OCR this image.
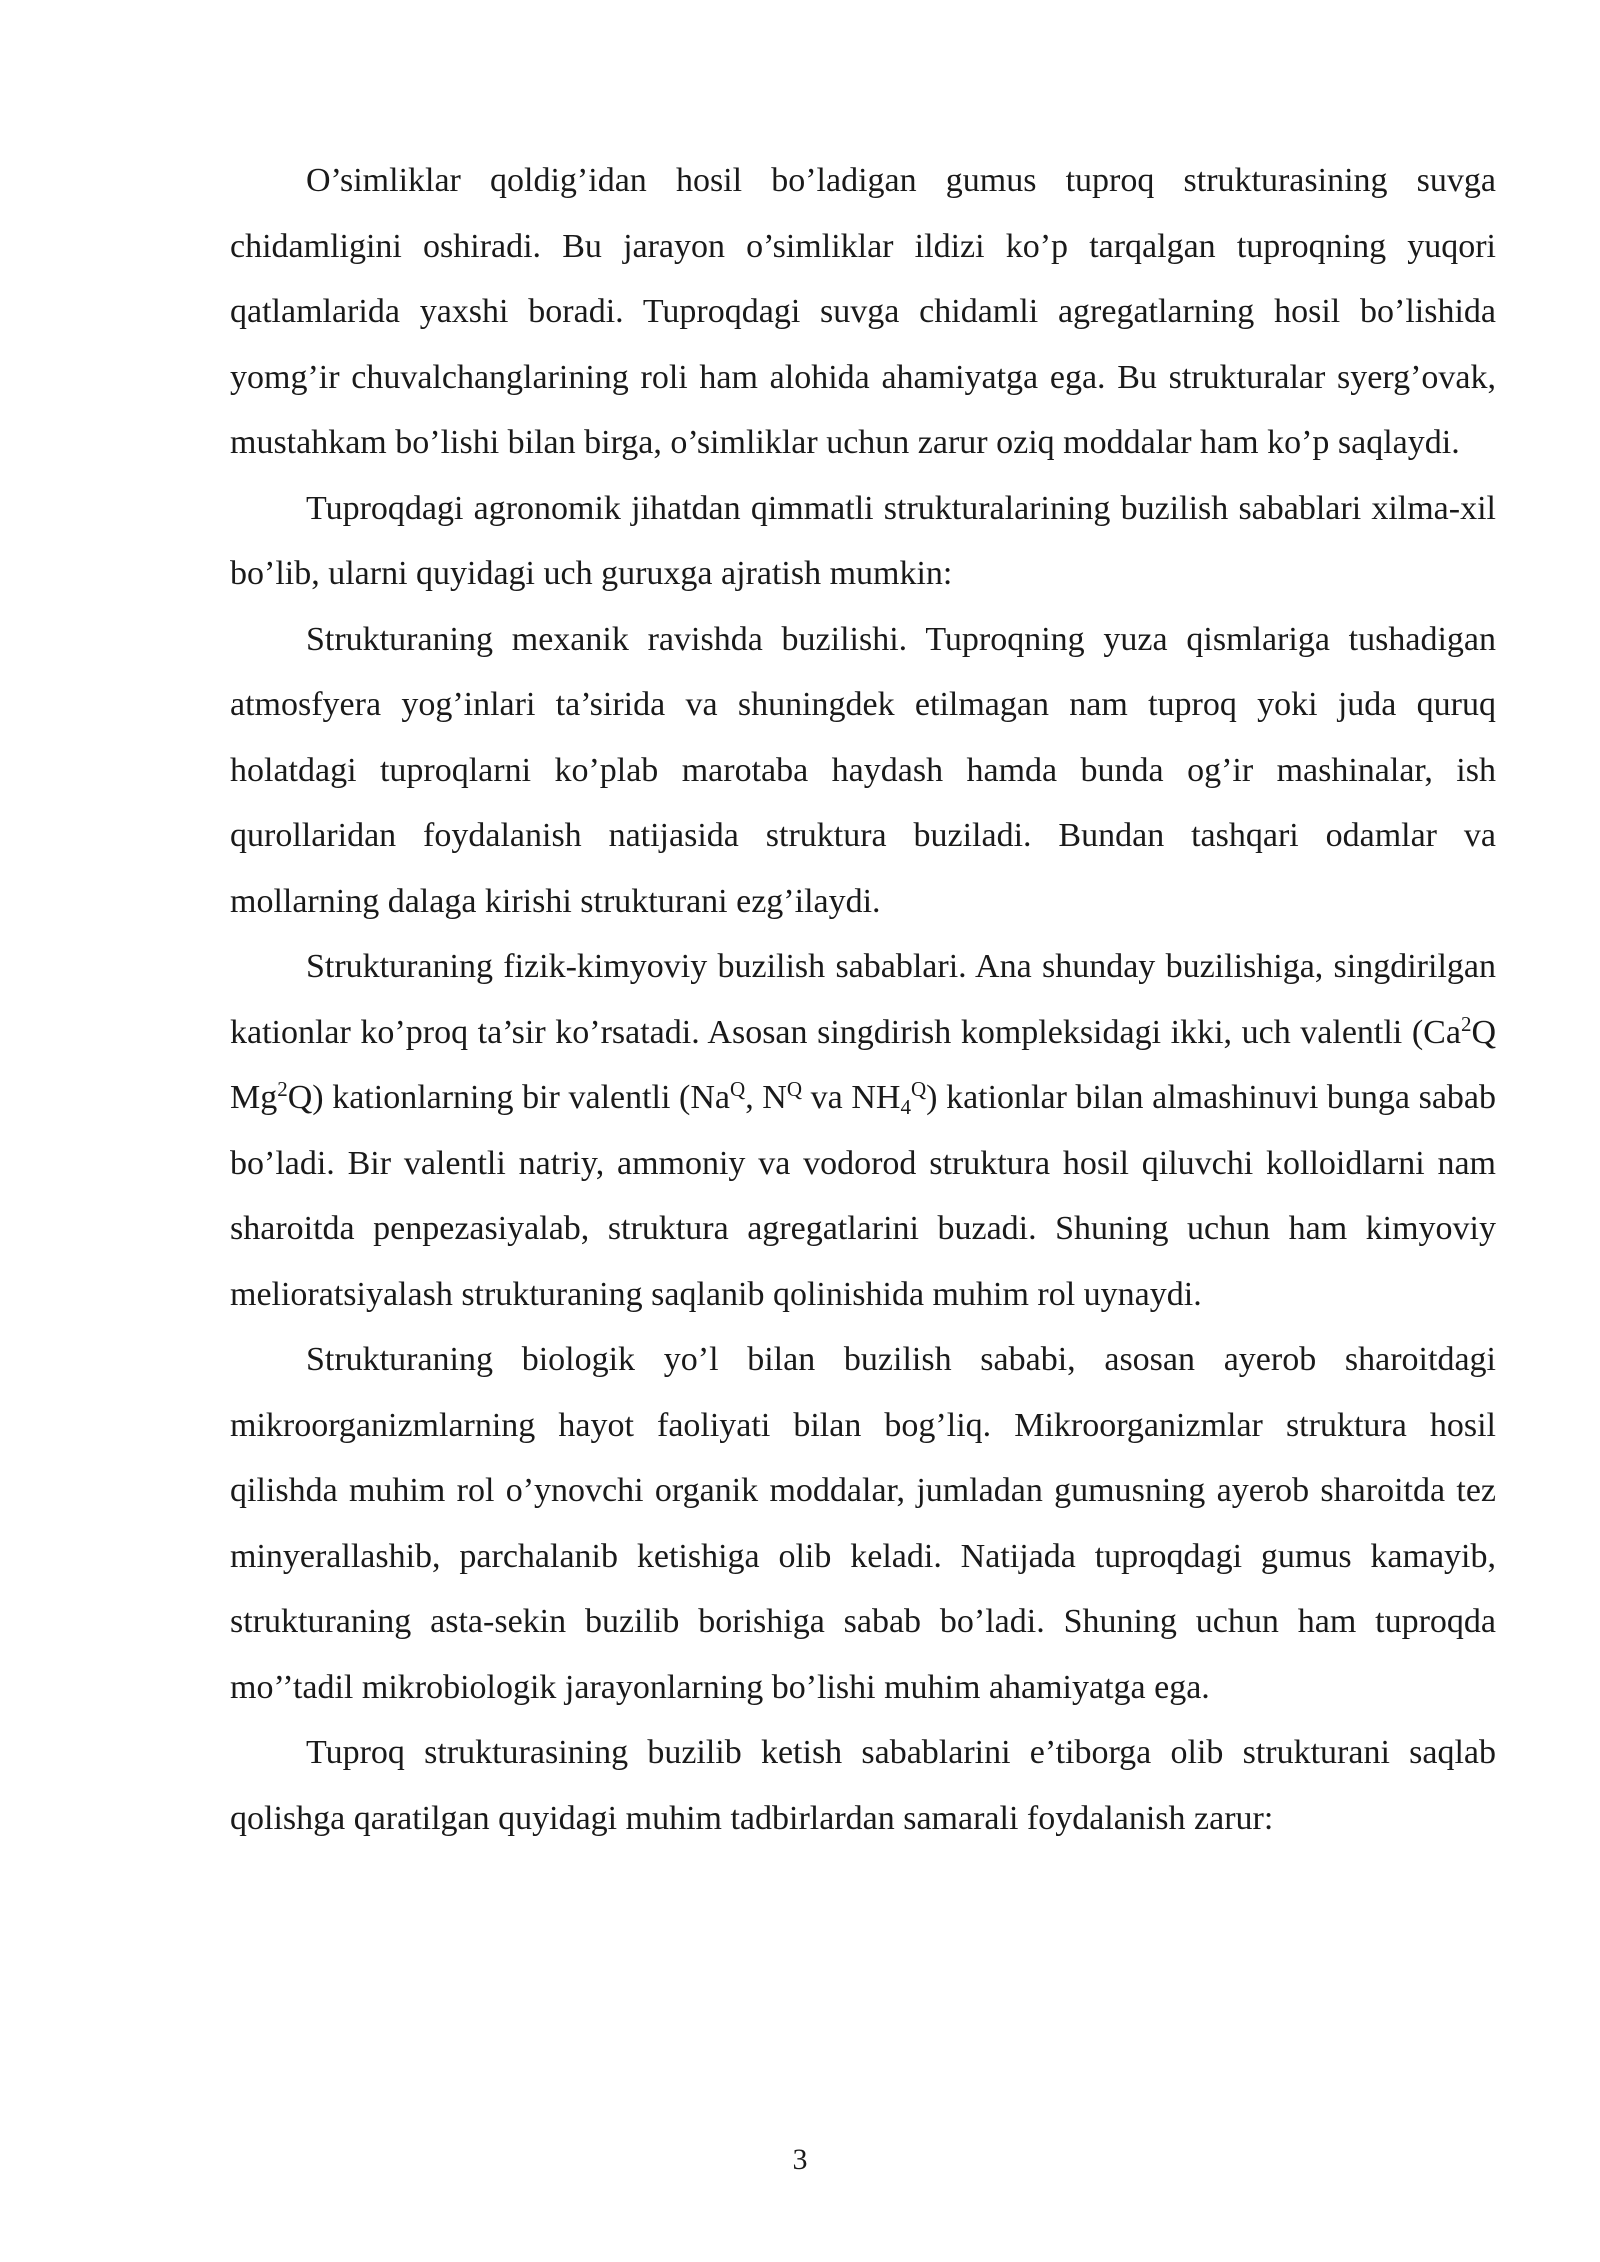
O’simliklar qoldig’idan hosil bo’ladigan gumus tuproq strukturasining suvga chidamligini oshiradi. Bu jarayon o’simliklar ildizi ko’p tarqalgan tuproqning yuqori qatlamlarida yaxshi boradi. Tuproqdagi suvga chidamli agregatlarning hosil bo’lishida yomg’ir chuvalchanglarining roli ham alohida ahamiyatga ega. Bu strukturalar syerg’ovak, mustahkam bo’lishi bilan birga, o’simliklar uchun zarur oziq moddalar ham ko’p saqlaydi.

Tuproqdagi agronomik jihatdan qimmatli strukturalarining buzilish sabablari xilma-xil bo’lib, ularni quyidagi uch guruxga ajratish mumkin:

Strukturaning mexanik ravishda buzilishi. Tuproqning yuza qismlariga tushadigan atmosfyera yog’inlari ta’sirida va shuningdek etilmagan nam tuproq yoki juda quruq holatdagi tuproqlarni ko’plab marotaba haydash hamda bunda og’ir mashinalar, ish qurollaridan foydalanish natijasida struktura buziladi. Bundan tashqari odamlar va mollarning dalaga kirishi strukturani ezg’ilaydi.

Strukturaning fizik-kimyoviy buzilish sabablari. Ana shunday buzilishiga, singdirilgan kationlar ko’proq ta’sir ko’rsatadi. Asosan singdirish kompleksidagi ikki, uch valentli (Ca$^2$Q Mg$^2$Q) kationlarning bir valentli ($Na^Q$, $N^Q$ va $NH_4^Q$) kationlar bilan almashinuvi bunga sabab bo’ladi. Bir valentli natriy, ammoniy va vodorod struktura hosil qiluvchi kolloidlarni nam sharoitda penpezasiyalab, struktura agregatlarini buzadi. Shuning uchun ham kimyoviy melioratsiyalash strukturaning saqlanib qolinishida muhim rol uynaydi.

Strukturaning biologik yo’l bilan buzilish sababi, asosan ayerob sharoitdagi mikroorganizmlarning hayot faoliyati bilan bog’liq. Mikroorganizmlar struktura hosil qilishda muhim rol o’ynovchi organik moddalar, jumladan gumusning ayerob sharoitda tez minyerallashib, parchalanib ketishiga olib keladi. Natijada tuproqdagi gumus kamayib, strukturaning asta-sekin buzilib borishiga sabab bo’ladi. Shuning uchun ham tuproqda mo’’tadil mikrobiologik jarayonlarning bo’lishi muhim ahamiyatga ega.

Tuproq strukturasining buzilib ketish sabablarini e’tiborga olib strukturani saqlab qolishga qaratilgan quyidagi muhim tadbirlardan samarali foydalanish zarur:

3
